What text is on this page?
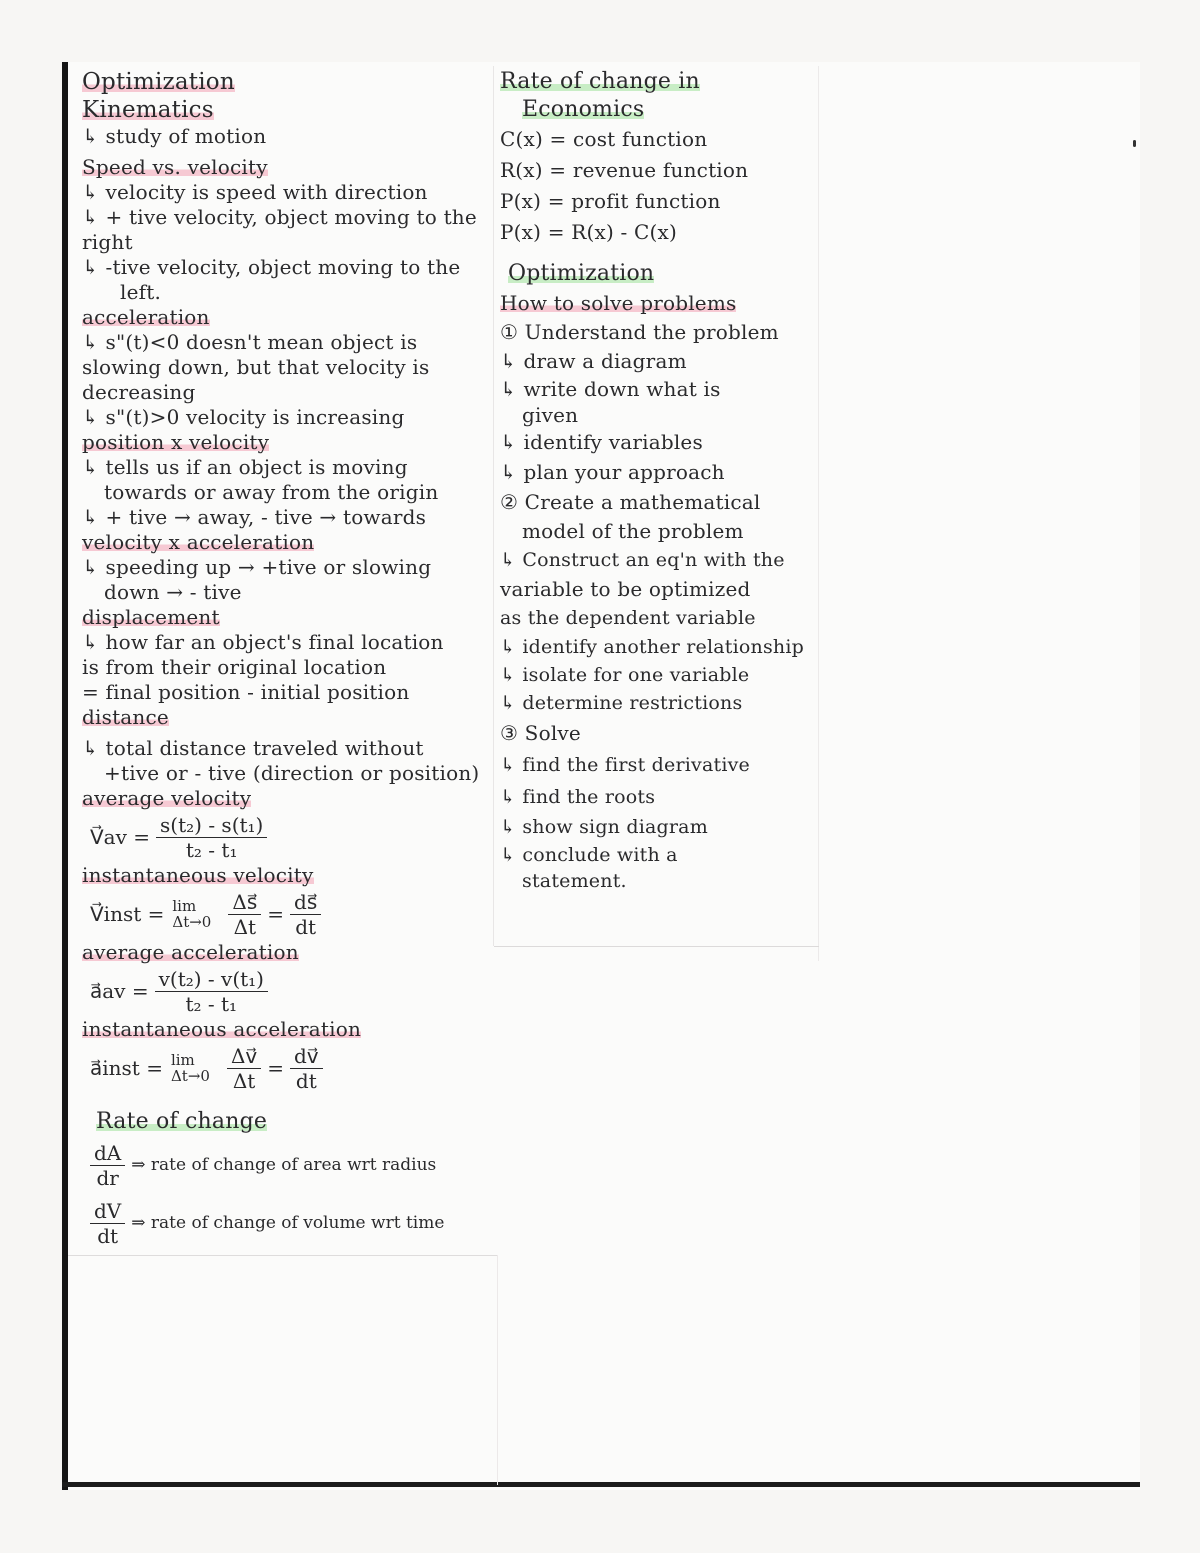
Optimization
Kinematics
↳ study of motion
Speed vs. velocity
↳ velocity is speed with direction
↳ + tive velocity, object moving to the
right
↳ -tive velocity, object moving to the
left.
acceleration
↳ s"(t)<0 doesn't mean object is
slowing down, but that velocity is
decreasing
↳ s"(t)>0 velocity is increasing
position x velocity
↳ tells us if an object is moving
towards or away from the origin
↳ + tive → away, - tive → towards
velocity x acceleration
↳ speeding up → +tive or slowing
down → - tive
displacement
↳ how far an object's final location
is from their original location
= final position - initial position
distance
↳ total distance traveled without
+tive or - tive (direction or position)
average velocity
V⃗av = $\frac{\text{s(t₂) - s(t₁)}}{\text{t₂ - t₁}}$
instantaneous velocity
V⃗inst = $\lim \Delta t\to 0 \frac{\Delta s⃗}{\Delta t} = \frac{ds⃗}{dt}$
average acceleration
a⃗av = $\frac{\text{v(t₂) - v(t₁)}}{\text{t₂ - t₁}}$
instantaneous acceleration
a⃗inst = $\lim \Delta t\to 0 \frac{\Delta v⃗}{\Delta t} = \frac{dv⃗}{dt}$
Rate of change
$\frac{dA}{dr}$ ⇒ rate of change of area wrt radius
$\frac{dV}{dt}$ ⇒ rate of change of volume wrt time
Rate of change in
Economics
C(x) = cost function
R(x) = revenue function
P(x) = profit function
P(x) = R(x) - C(x)
Optimization
How to solve problems
① Understand the problem
↳ draw a diagram
↳ write down what is
given
↳ identify variables
↳ plan your approach
② Create a mathematical
model of the problem
↳ Construct an eq'n with the
variable to be optimized
as the dependent variable
↳ identify another relationship
↳ isolate for one variable
↳ determine restrictions
③ Solve
↳ find the first derivative
↳ find the roots
↳ show sign diagram
↳ conclude with a
statement.
